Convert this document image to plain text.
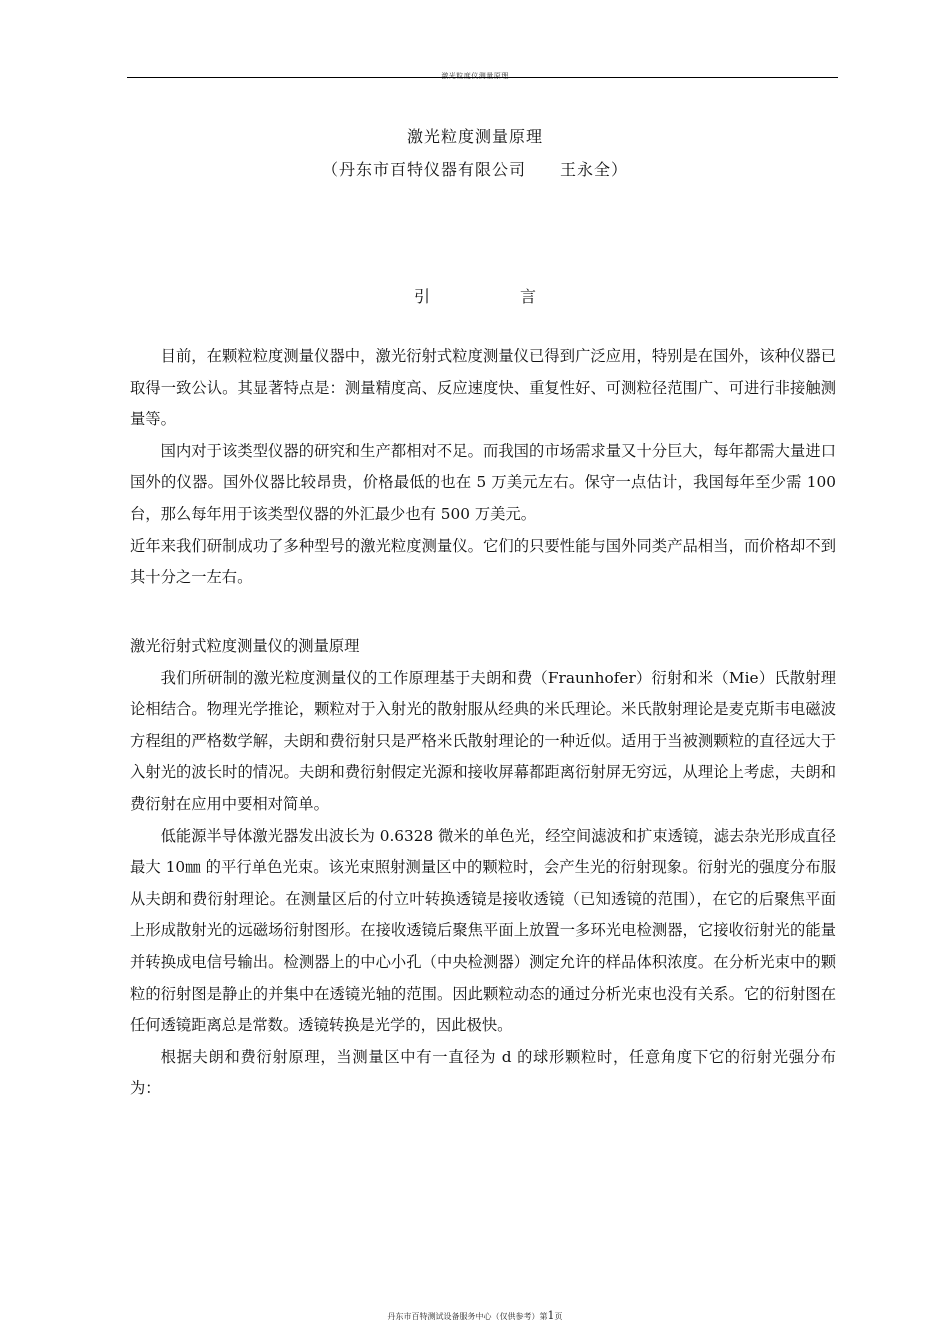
激光粒度仪测量原理
激光粒度测量原理
（丹东市百特仪器有限公司　　王永全）
引言

目前，在颗粒粒度测量仪器中，激光衍射式粒度测量仪已得到广泛应用，特别是在国外，该种仪器已取得一致公认。其显著特点是：测量精度高、反应速度快、重复性好、可测粒径范围广、可进行非接触测量等。

国内对于该类型仪器的研究和生产都相对不足。而我国的市场需求量又十分巨大，每年都需大量进口国外的仪器。国外仪器比较昂贵，价格最低的也在 5 万美元左右。保守一点估计，我国每年至少需 100 台，那么每年用于该类型仪器的外汇最少也有 500 万美元。

近年来我们研制成功了多种型号的激光粒度测量仪。它们的只要性能与国外同类产品相当，而价格却不到其十分之一左右。

激光衍射式粒度测量仪的测量原理

我们所研制的激光粒度测量仪的工作原理基于夫朗和费（Fraunhofer）衍射和米（Mie）氏散射理论相结合。物理光学推论，颗粒对于入射光的散射服从经典的米氏理论。米氏散射理论是麦克斯韦电磁波方程组的严格数学解，夫朗和费衍射只是严格米氏散射理论的一种近似。适用于当被测颗粒的直径远大于入射光的波长时的情况。夫朗和费衍射假定光源和接收屏幕都距离衍射屏无穷远，从理论上考虑，夫朗和费衍射在应用中要相对简单。

低能源半导体激光器发出波长为 0.6328 微米的单色光，经空间滤波和扩束透镜，滤去杂光形成直径最大 10㎜ 的平行单色光束。该光束照射测量区中的颗粒时，会产生光的衍射现象。衍射光的强度分布服从夫朗和费衍射理论。在测量区后的付立叶转换透镜是接收透镜（已知透镜的范围），在它的后聚焦平面上形成散射光的远磁场衍射图形。在接收透镜后聚焦平面上放置一多环光电检测器，它接收衍射光的能量并转换成电信号输出。检测器上的中心小孔（中央检测器）测定允许的样品体积浓度。在分析光束中的颗粒的衍射图是静止的并集中在透镜光轴的范围。因此颗粒动态的通过分析光束也没有关系。它的衍射图在任何透镜距离总是常数。透镜转换是光学的，因此极快。

根据夫朗和费衍射原理，当测量区中有一直径为 d 的球形颗粒时，任意角度下它的衍射光强分布为：

丹东市百特测试设备服务中心（仅供参考）第1页
